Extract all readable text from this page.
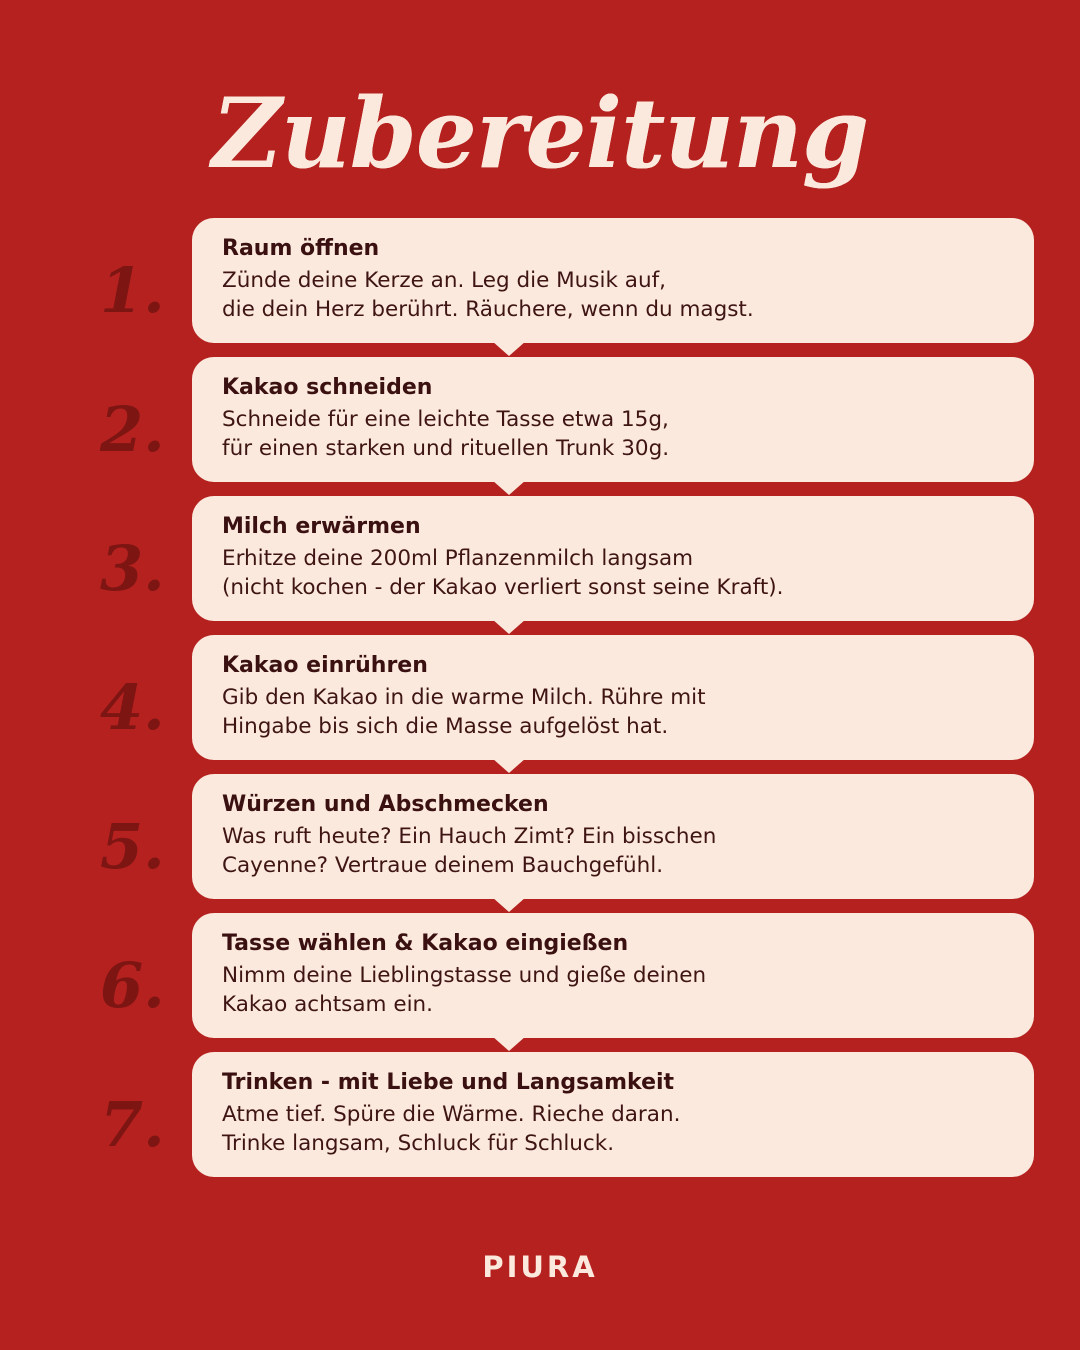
Zubereitung
1.
Raum öffnen
Zünde deine Kerze an. Leg die Musik auf,
die dein Herz berührt. Räuchere, wenn du magst.
2.
Kakao schneiden
Schneide für eine leichte Tasse etwa 15g,
für einen starken und rituellen Trunk 30g.
3.
Milch erwärmen
Erhitze deine 200ml Pflanzenmilch langsam
(nicht kochen - der Kakao verliert sonst seine Kraft).
4.
Kakao einrühren
Gib den Kakao in die warme Milch. Rühre mit
Hingabe bis sich die Masse aufgelöst hat.
5.
Würzen und Abschmecken
Was ruft heute? Ein Hauch Zimt? Ein bisschen
Cayenne? Vertraue deinem Bauchgefühl.
6.
Tasse wählen & Kakao eingießen
Nimm deine Lieblingstasse und gieße deinen
Kakao achtsam ein.
7.
Trinken - mit Liebe und Langsamkeit
Atme tief. Spüre die Wärme. Rieche daran.
Trinke langsam, Schluck für Schluck.
PIURA
